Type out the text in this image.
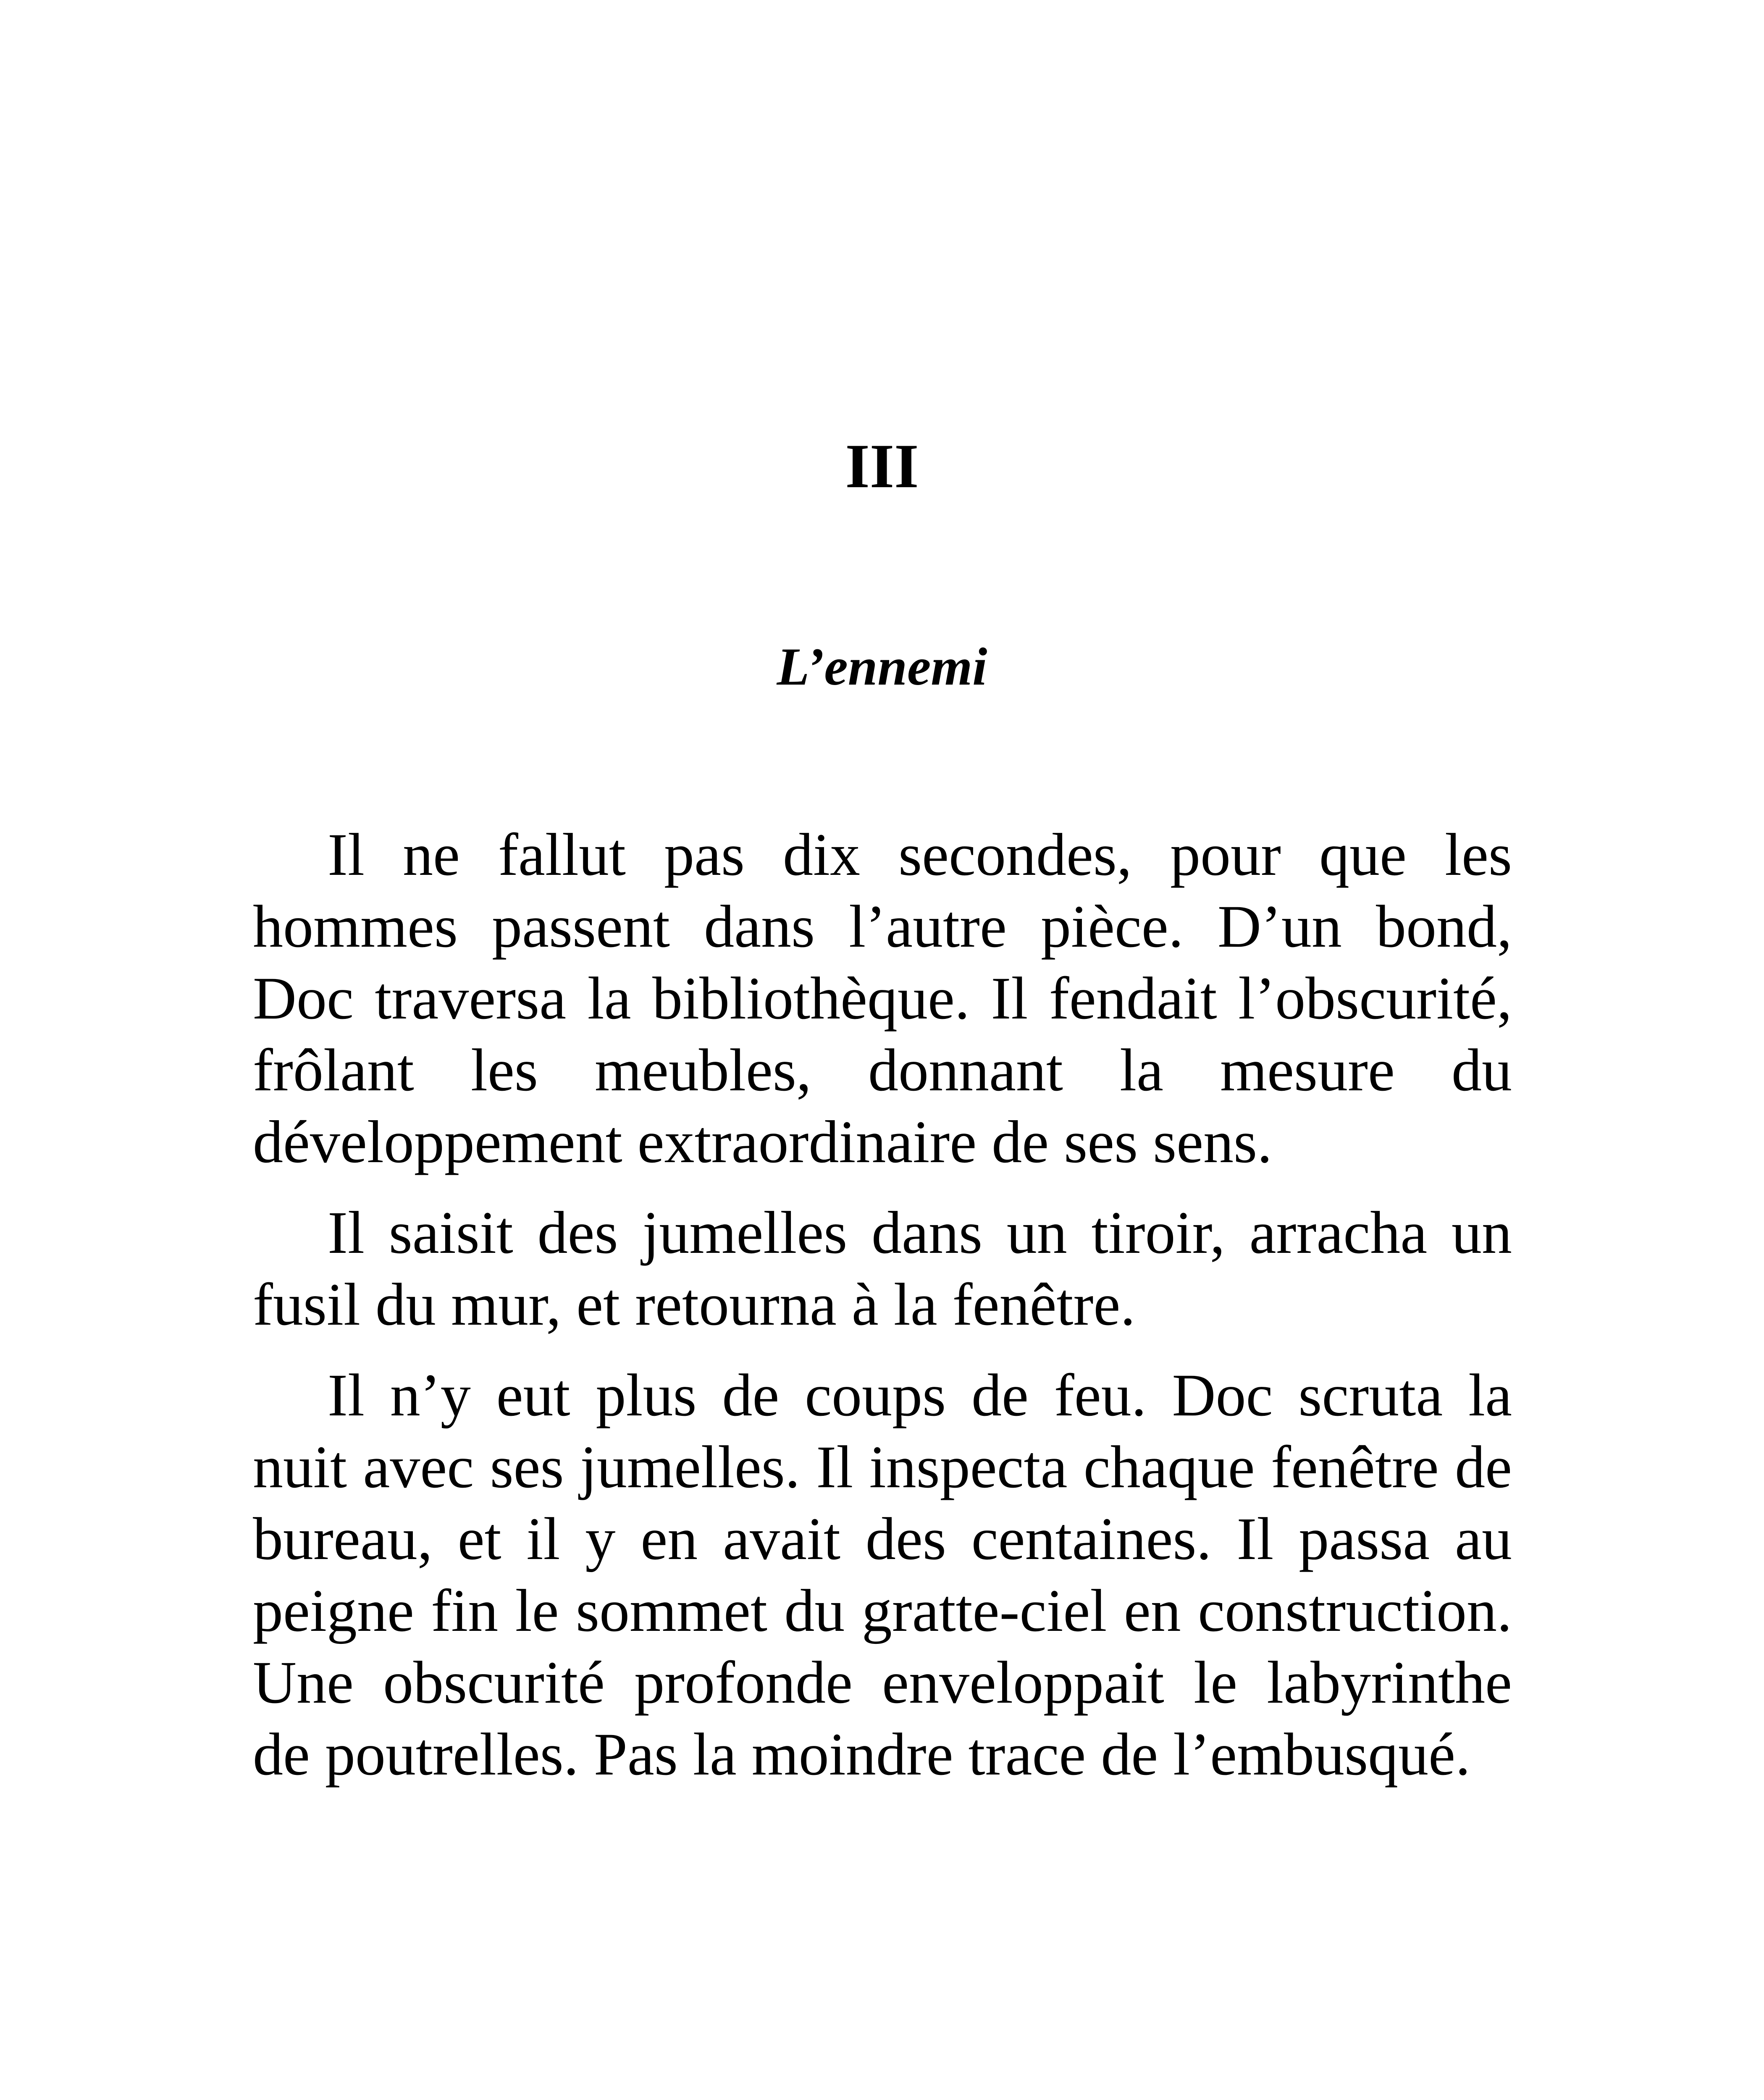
III
L’ennemi

Il ne fallut pas dix secondes, pour que les hommes passent dans l’autre pièce. D’un bond, Doc traversa la bibliothèque. Il fendait l’obscurité, frôlant les meubles, donnant la mesure du développement extraordinaire de ses sens.

Il saisit des jumelles dans un tiroir, arracha un fusil du mur, et retourna à la fenêtre.

Il n’y eut plus de coups de feu. Doc scruta la nuit avec ses jumelles. Il inspecta chaque fenêtre de bureau, et il y en avait des centaines. Il passa au peigne fin le sommet du gratte-ciel en construction. Une obscurité profonde enveloppait le labyrinthe de poutrelles. Pas la moindre trace de l’embusqué.
